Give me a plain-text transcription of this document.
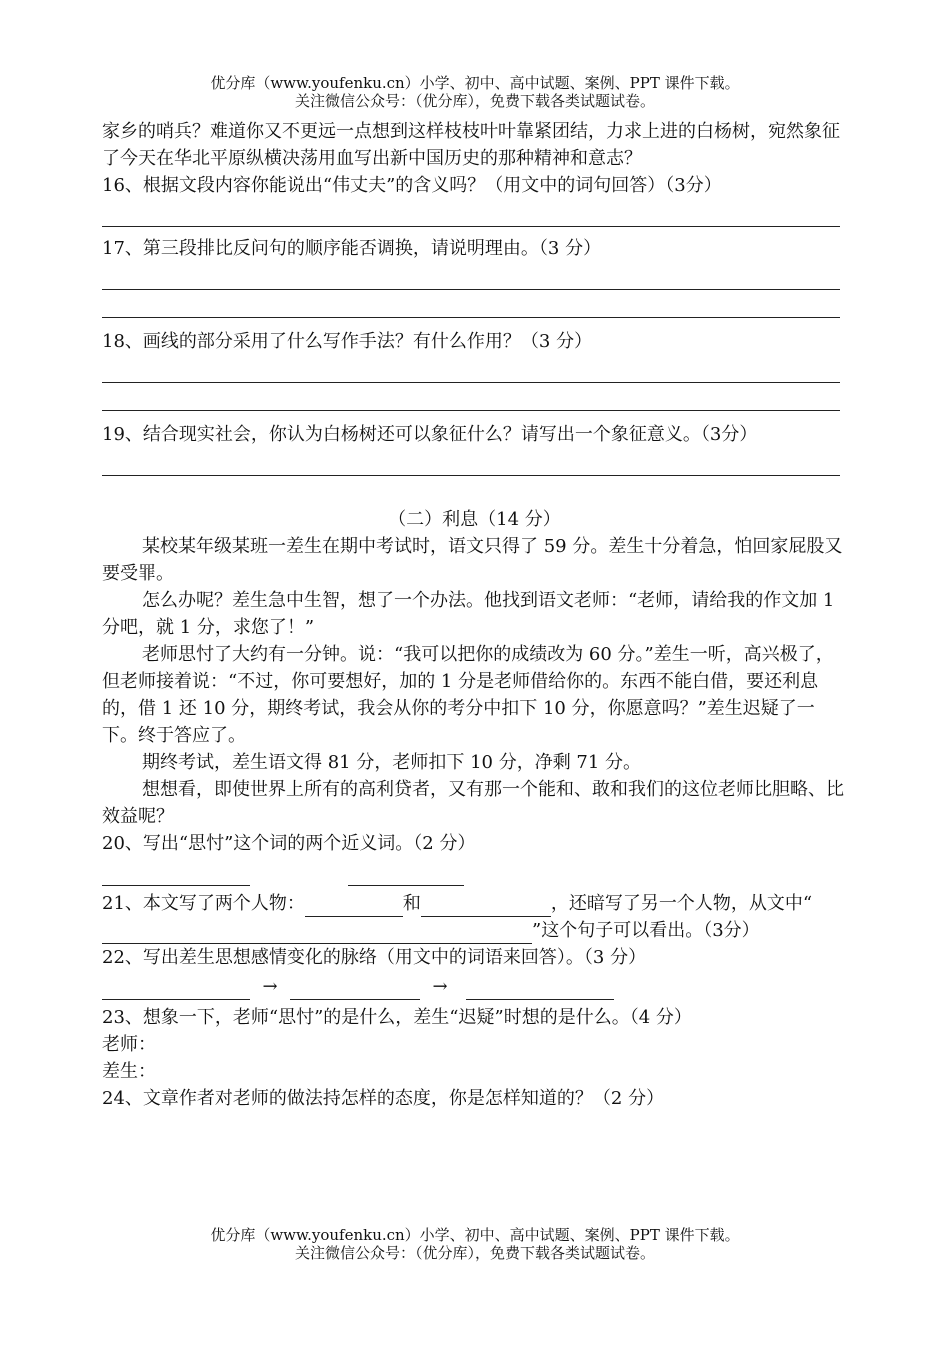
优分库（www.youfenku.cn）小学、初中、高中试题、案例、PPT 课件下载。
关注微信公众号：（优分库），免费下载各类试题试卷。

家乡的哨兵？难道你又不更远一点想到这样枝枝叶叶靠紧团结，力求上进的白杨树，宛然象征了今天在华北平原纵横决荡用血写出新中国历史的那种精神和意志？

16、根据文段内容你能说出“伟丈夫”的含义吗？（用文中的词句回答）（3分）

17、第三段排比反问句的顺序能否调换，请说明理由。（3 分）

18、画线的部分采用了什么写作手法？有什么作用？（3 分）

19、结合现实社会，你认为白杨树还可以象征什么？请写出一个象征意义。（3分）

（二）利息（14 分）

某校某年级某班一差生在期中考试时，语文只得了 59 分。差生十分着急，怕回家屁股又要受罪。

怎么办呢？差生急中生智，想了一个办法。他找到语文老师：“老师，请给我的作文加 1 分吧，就 1 分，求您了！”

老师思忖了大约有一分钟。说：“我可以把你的成绩改为 60 分。”差生一听，高兴极了，但老师接着说：“不过，你可要想好，加的 1 分是老师借给你的。东西不能白借，要还利息的，借 1 还 10 分，期终考试，我会从你的考分中扣下 10 分，你愿意吗？”差生迟疑了一下。终于答应了。

期终考试，差生语文得 81 分，老师扣下 10 分，净剩 71 分。

想想看，即使世界上所有的高利贷者，又有那一个能和、敢和我们的这位老师比胆略、比效益呢？

20、写出“思忖”这个词的两个近义词。（2 分）

21、本文写了两个人物：	和	，还暗写了另一个人物，从文中“”这个句子可以看出。（3分）

22、写出差生思想感情变化的脉络（用文中的词语来回答）。（3 分）

→	→

23、想象一下，老师“思忖”的是什么，差生“迟疑”时想的是什么。（4 分）

老师：

差生：

24、文章作者对老师的做法持怎样的态度，你是怎样知道的？（2 分）

优分库（www.youfenku.cn）小学、初中、高中试题、案例、PPT 课件下载。
关注微信公众号：（优分库），免费下载各类试题试卷。
